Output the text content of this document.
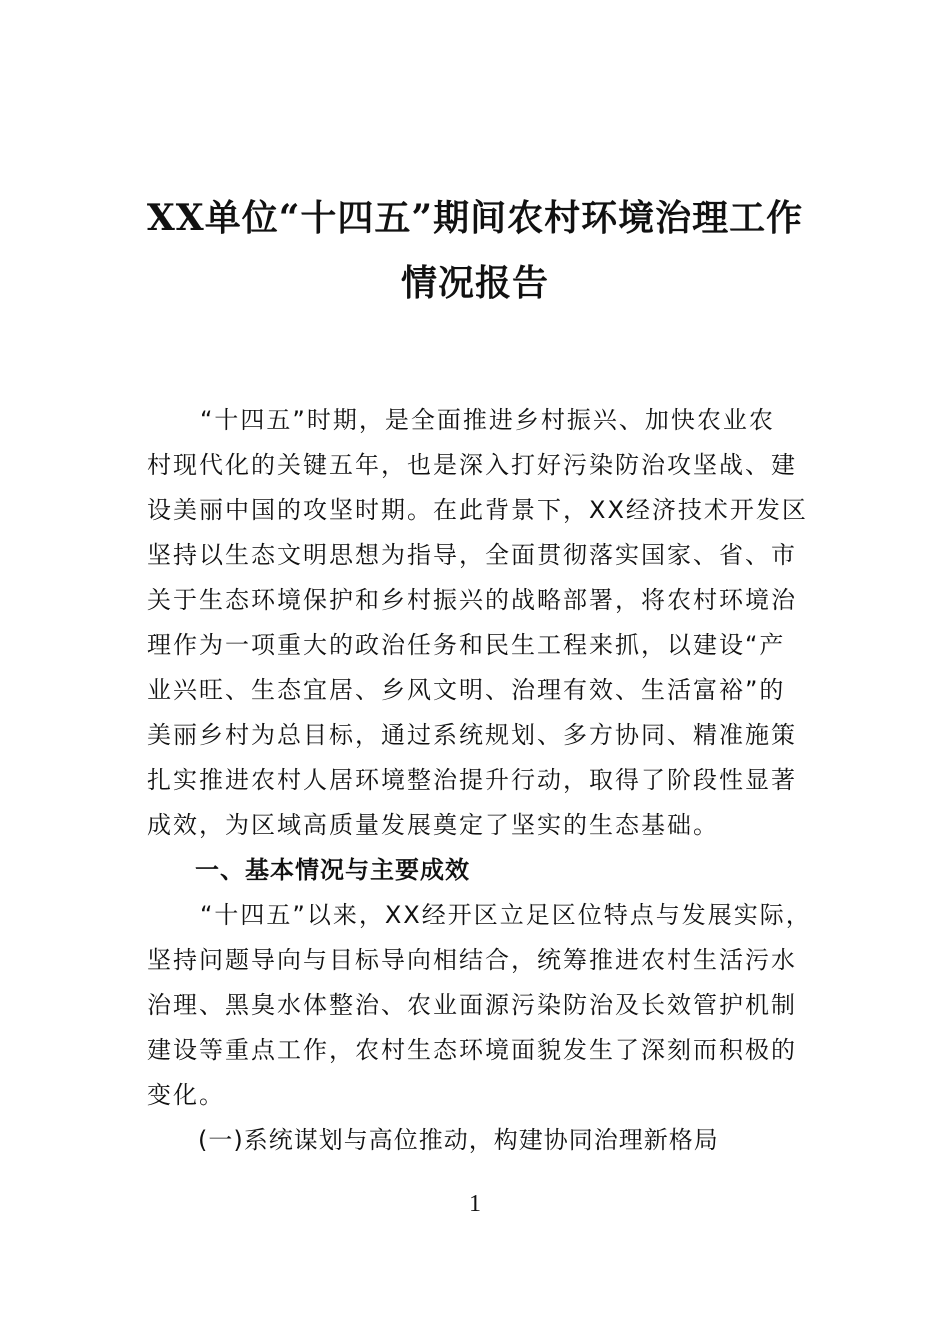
XX单位“十四五”期间农村环境治理工作
情况报告
“十四五”时期，是全面推进乡村振兴、加快农业农
村现代化的关键五年，也是深入打好污染防治攻坚战、建
设美丽中国的攻坚时期。在此背景下，XX经济技术开发区
坚持以生态文明思想为指导，全面贯彻落实国家、省、市
关于生态环境保护和乡村振兴的战略部署，将农村环境治
理作为一项重大的政治任务和民生工程来抓，以建设“产
业兴旺、生态宜居、乡风文明、治理有效、生活富裕”的
美丽乡村为总目标，通过系统规划、多方协同、精准施策
扎实推进农村人居环境整治提升行动，取得了阶段性显著
成效，为区域高质量发展奠定了坚实的生态基础。
一、基本情况与主要成效
“十四五”以来，XX经开区立足区位特点与发展实际，
坚持问题导向与目标导向相结合，统筹推进农村生活污水
治理、黑臭水体整治、农业面源污染防治及长效管护机制
建设等重点工作，农村生态环境面貌发生了深刻而积极的
变化。
(一)系统谋划与高位推动，构建协同治理新格局
1
